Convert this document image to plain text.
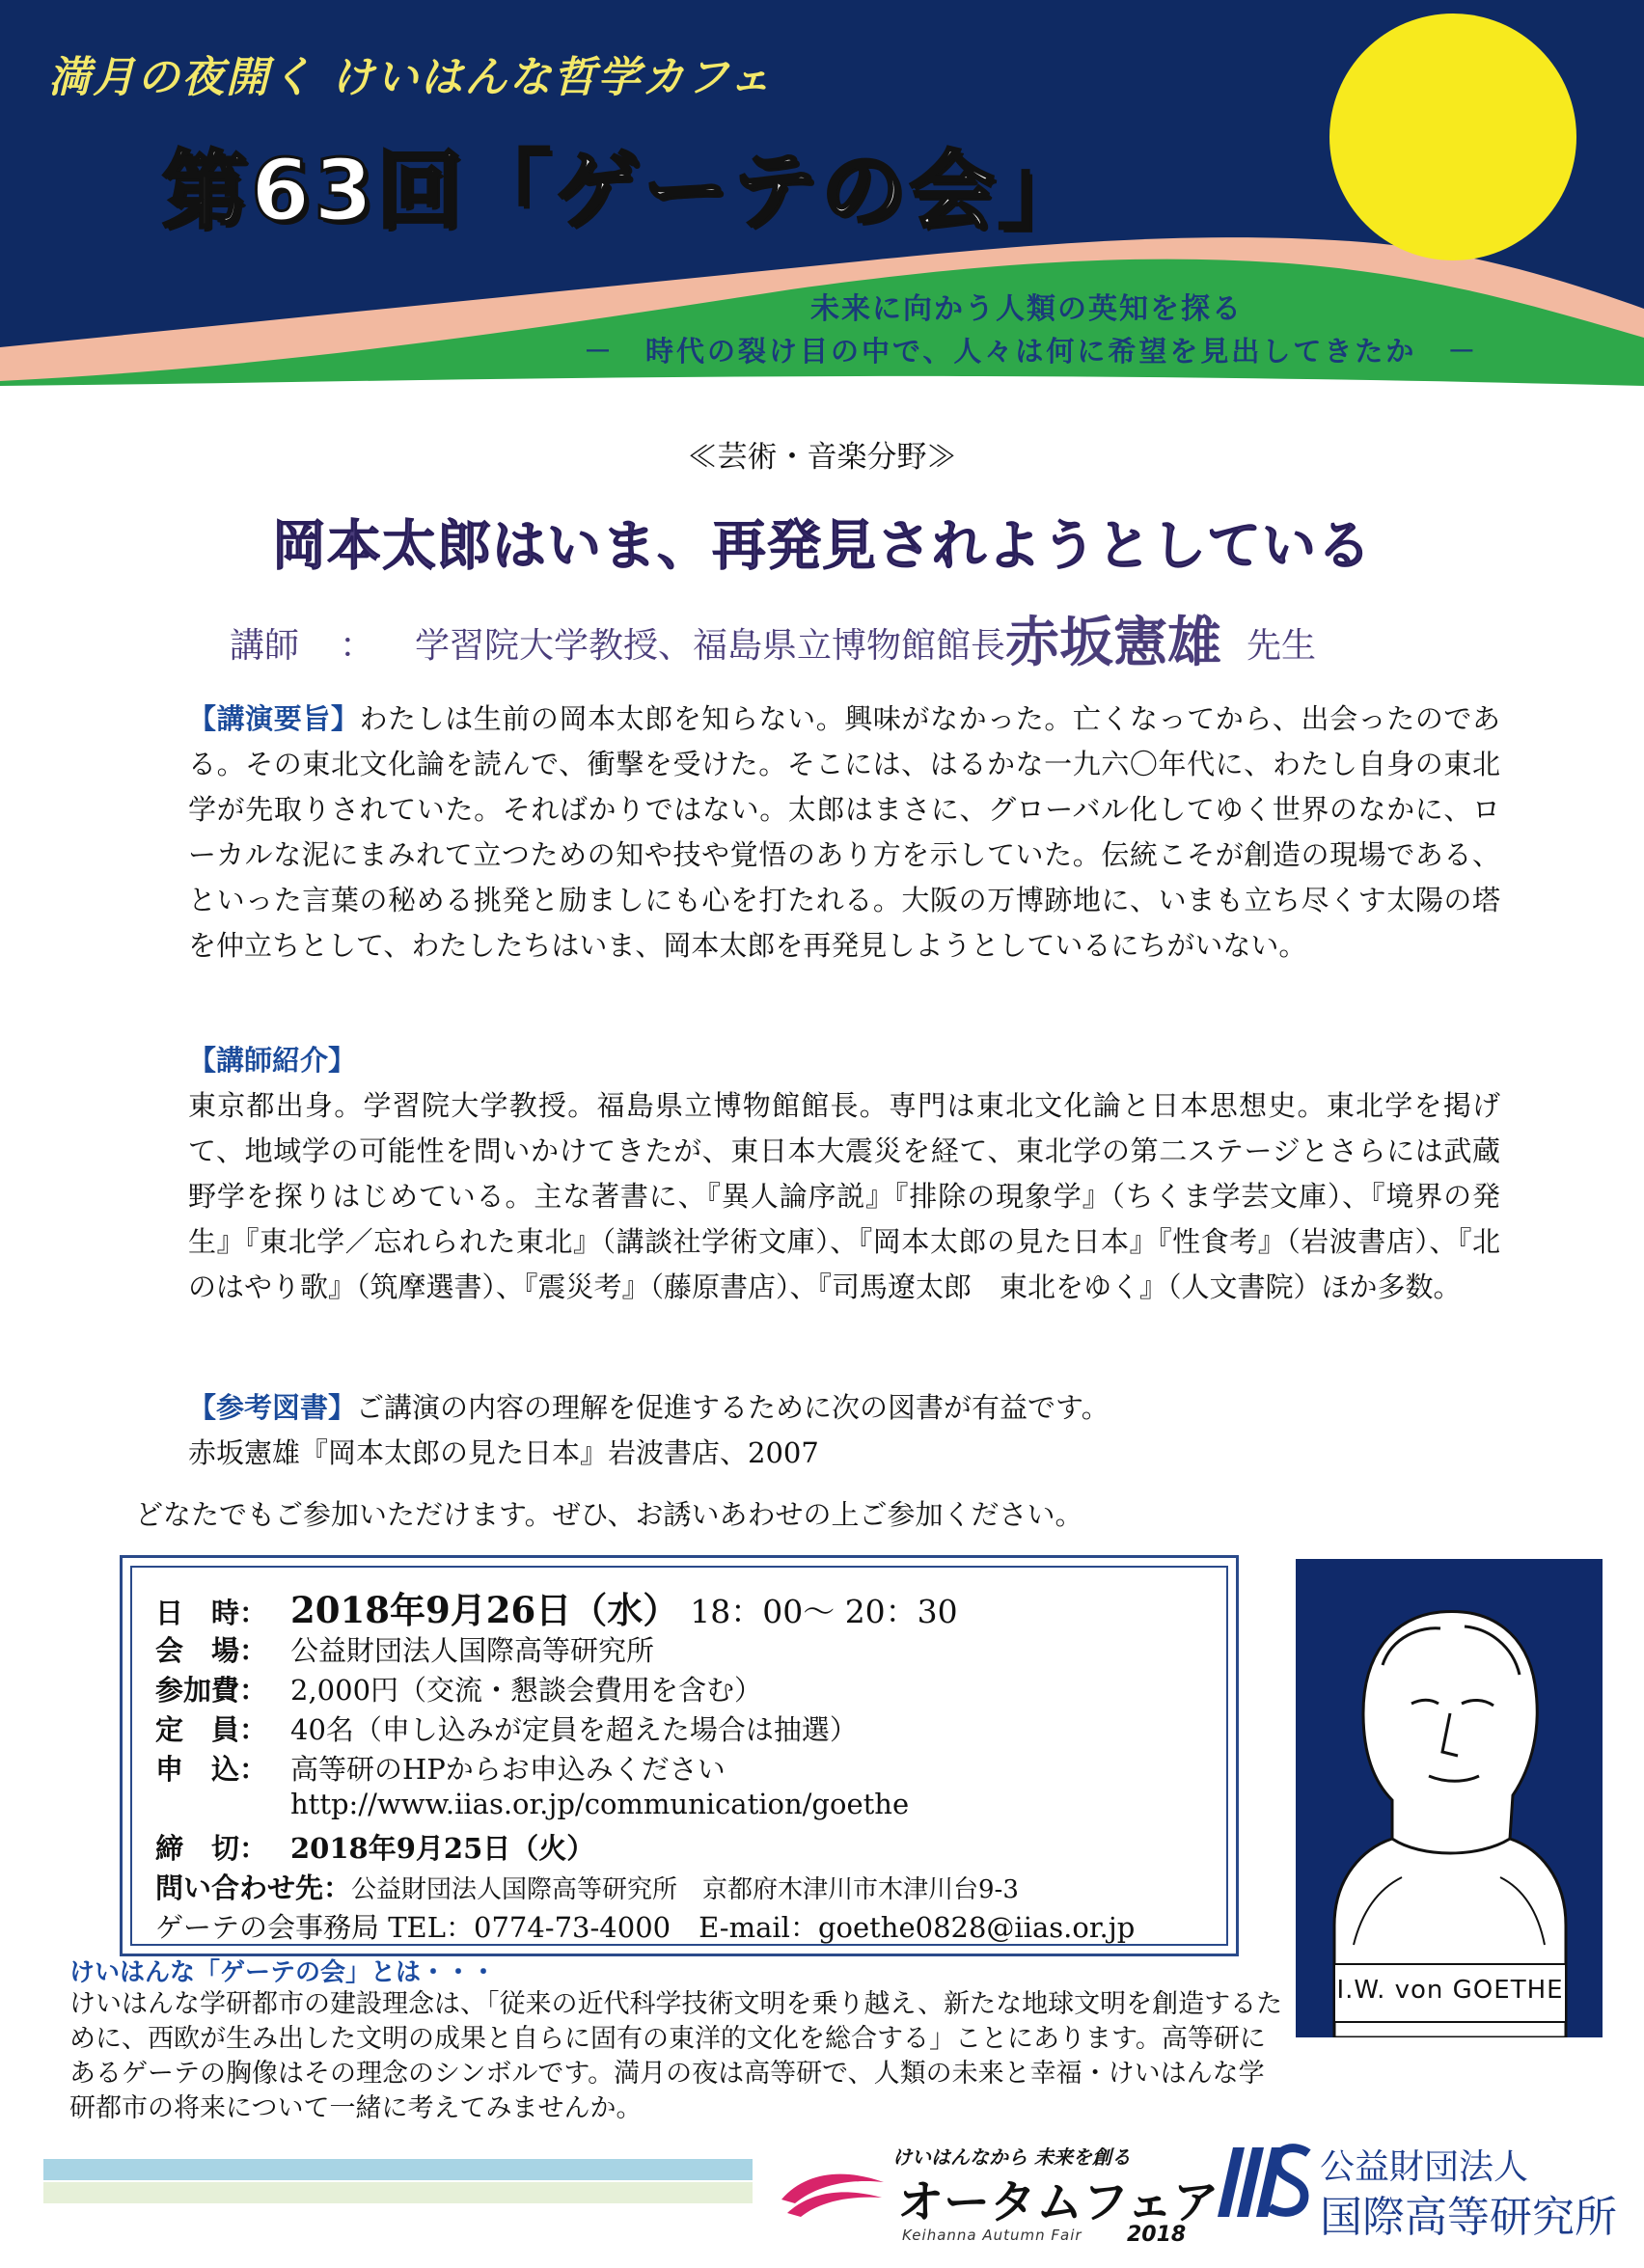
満月の夜開く けいはんな哲学カフェ
第63回「ゲーテの会」
未来に向かう人類の英知を探る
－　時代の裂け目の中で、人々は何に希望を見出してきたか　－
≪芸術・音楽分野≫
岡本太郎はいま、再発見されようとしている
講師 ： 学習院大学教授、福島県立博物館館長赤坂憲雄 先生
【講演要旨】わたしは生前の岡本太郎を知らない。興味がなかった。亡くなってから、出会ったのである。その東北文化論を読んで、衝撃を受けた。そこには、はるかな一九六〇年代に、わたし自身の東北学が先取りされていた。そればかりではない。太郎はまさに、グローバル化してゆく世界のなかに、ローカルな泥にまみれて立つための知や技や覚悟のあり方を示していた。伝統こそが創造の現場である、といった言葉の秘める挑発と励ましにも心を打たれる。大阪の万博跡地に、いまも立ち尽くす太陽の塔を仲立ちとして、わたしたちはいま、岡本太郎を再発見しようとしているにちがいない。
【講師紹介】
東京都出身。学習院大学教授。福島県立博物館館長。専門は東北文化論と日本思想史。東北学を掲げて、地域学の可能性を問いかけてきたが、東日本大震災を経て、東北学の第二ステージとさらには武蔵野学を探りはじめている。主な著書に、『異人論序説』『排除の現象学』（ちくま学芸文庫）、『境界の発生』『東北学／忘れられた東北』（講談社学術文庫）、『岡本太郎の見た日本』『性食考』（岩波書店）、『北のはやり歌』（筑摩選書）、『震災考』（藤原書店）、『司馬遼太郎　東北をゆく』（人文書院）ほか多数。
【参考図書】ご講演の内容の理解を促進するために次の図書が有益です。
赤坂憲雄『岡本太郎の見た日本』岩波書店、2007
どなたでもご参加いただけます。ぜひ、お誘いあわせの上ご参加ください。
日　時： 2018年9月26日（水） 18：00～ 20：30
会　場： 公益財団法人国際高等研究所
参加費： 2,000円（交流・懇談会費用を含む）
定　員： 40名（申し込みが定員を超えた場合は抽選）
申　込： 高等研のHPからお申込みください
http://www.iias.or.jp/communication/goethe
締　切： 2018年9月25日（火）
問い合わせ先：公益財団法人国際高等研究所　京都府木津川市木津川台9-3
ゲーテの会事務局 TEL：0774-73-4000　E-mail：goethe0828@iias.or.jp
I.W. von GOETHE
けいはんな「ゲーテの会」とは・・・
けいはんな学研都市の建設理念は、「従来の近代科学技術文明を乗り越え、新たな地球文明を創造するために、西欧が生み出した文明の成果と自らに固有の東洋的文化を総合する」ことにあります。高等研にあるゲーテの胸像はその理念のシンボルです。満月の夜は高等研で、人類の未来と幸福・けいはんな学研都市の将来について一緒に考えてみませんか。
けいはんなから 未来を創る
オータムフェア
Keihanna Autumn Fair 2018
公益財団法人
国際高等研究所
